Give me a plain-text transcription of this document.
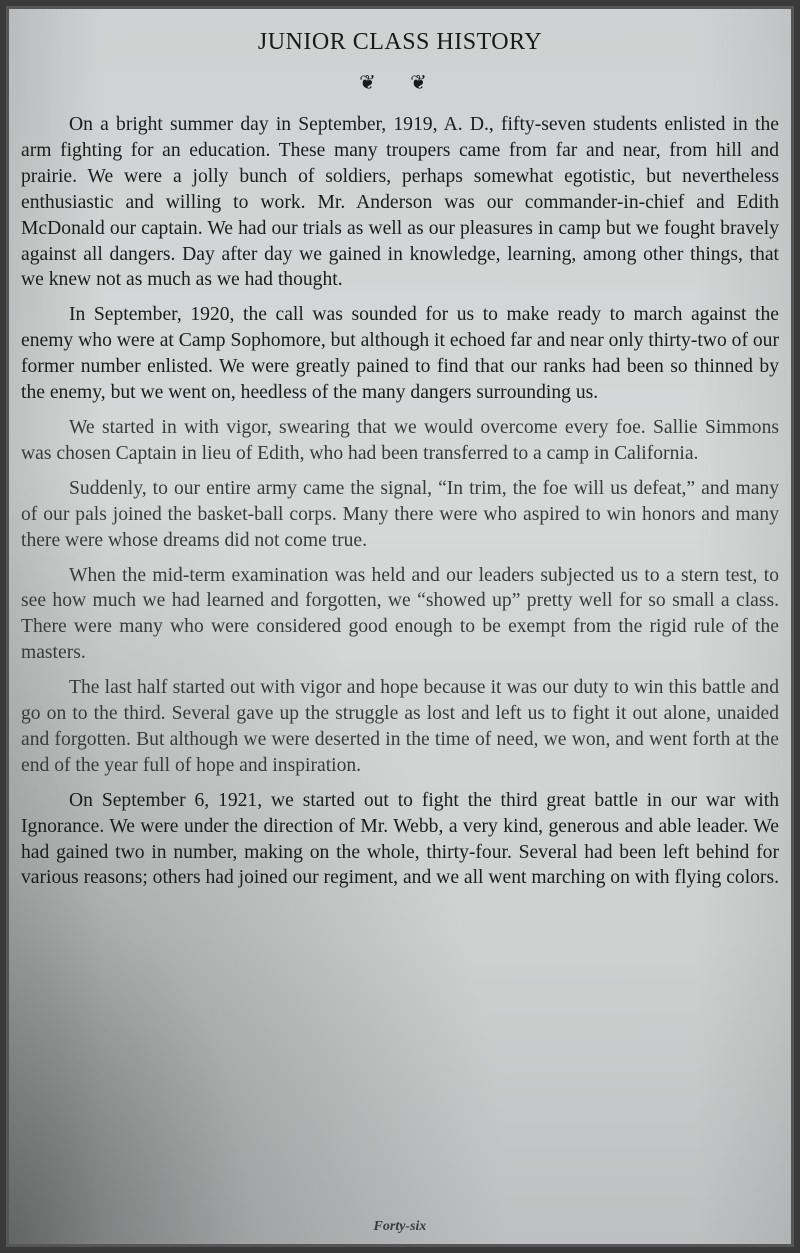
JUNIOR CLASS HISTORY
❦ ❦

On a bright summer day in September, 1919, A. D., fifty-seven students enlisted in the arm fighting for an education. These many troupers came from far and near, from hill and prairie. We were a jolly bunch of soldiers, perhaps somewhat egotistic, but nevertheless enthusiastic and willing to work. Mr. Anderson was our commander-in-chief and Edith McDonald our captain. We had our trials as well as our pleasures in camp but we fought bravely against all dangers. Day after day we gained in knowledge, learning, among other things, that we knew not as much as we had thought.

In September, 1920, the call was sounded for us to make ready to march against the enemy who were at Camp Sophomore, but although it echoed far and near only thirty-two of our former number enlisted. We were greatly pained to find that our ranks had been so thinned by the enemy, but we went on, heedless of the many dangers surrounding us.

We started in with vigor, swearing that we would overcome every foe. Sallie Simmons was chosen Captain in lieu of Edith, who had been transferred to a camp in California.

Suddenly, to our entire army came the signal, “In trim, the foe will us defeat,” and many of our pals joined the basket-ball corps. Many there were who aspired to win honors and many there were whose dreams did not come true.

When the mid-term examination was held and our leaders subjected us to a stern test, to see how much we had learned and forgotten, we “showed up” pretty well for so small a class. There were many who were considered good enough to be exempt from the rigid rule of the masters.

The last half started out with vigor and hope because it was our duty to win this battle and go on to the third. Several gave up the struggle as lost and left us to fight it out alone, unaided and forgotten. But although we were deserted in the time of need, we won, and went forth at the end of the year full of hope and inspiration.

On September 6, 1921, we started out to fight the third great battle in our war with Ignorance. We were under the direction of Mr. Webb, a very kind, generous and able leader. We had gained two in number, making on the whole, thirty-four. Several had been left behind for various reasons; others had joined our regiment, and we all went marching on with flying colors.

Forty-six
